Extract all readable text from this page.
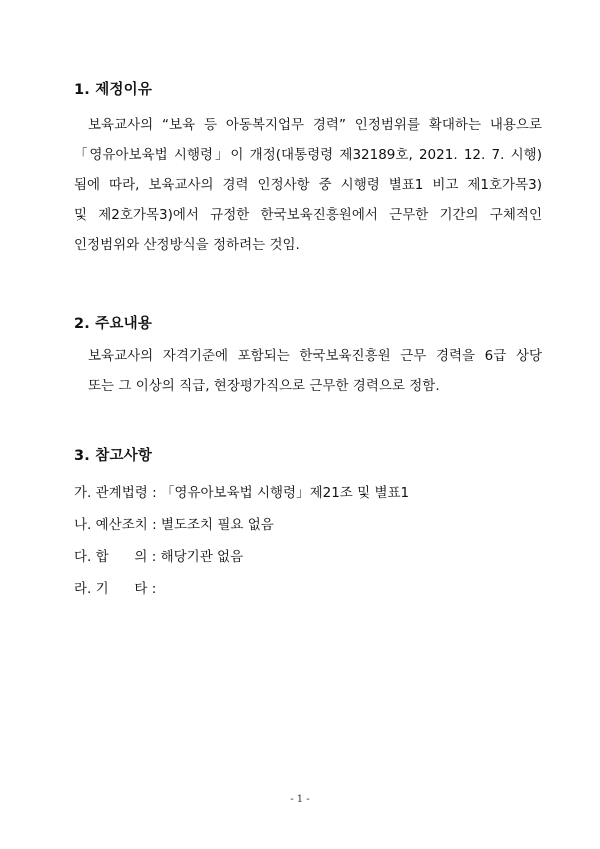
1. 제정이유

보육교사의 “보육 등 아동복지업무 경력” 인정범위를 확대하는 내용으로
「영유아보육법 시행령」이 개정(대통령령 제32189호, 2021. 12. 7. 시행)
됨에 따라, 보육교사의 경력 인정사항 중 시행령 별표1 비고 제1호가목3)
및 제2호가목3)에서 규정한 한국보육진흥원에서 근무한 기간의 구체적인
인정범위와 산정방식을 정하려는 것임.

2. 주요내용

보육교사의 자격기준에 포함되는 한국보육진흥원 근무 경력을 6급 상당
또는 그 이상의 직급, 현장평가직으로 근무한 경력으로 정함.

3. 참고사항

가. 관계법령 : 「영유아보육법 시행령」제21조 및 별표1

나. 예산조치 : 별도조치 필요 없음

다. 합      의 : 해당기관 없음

라. 기      타 :

- 1 -
